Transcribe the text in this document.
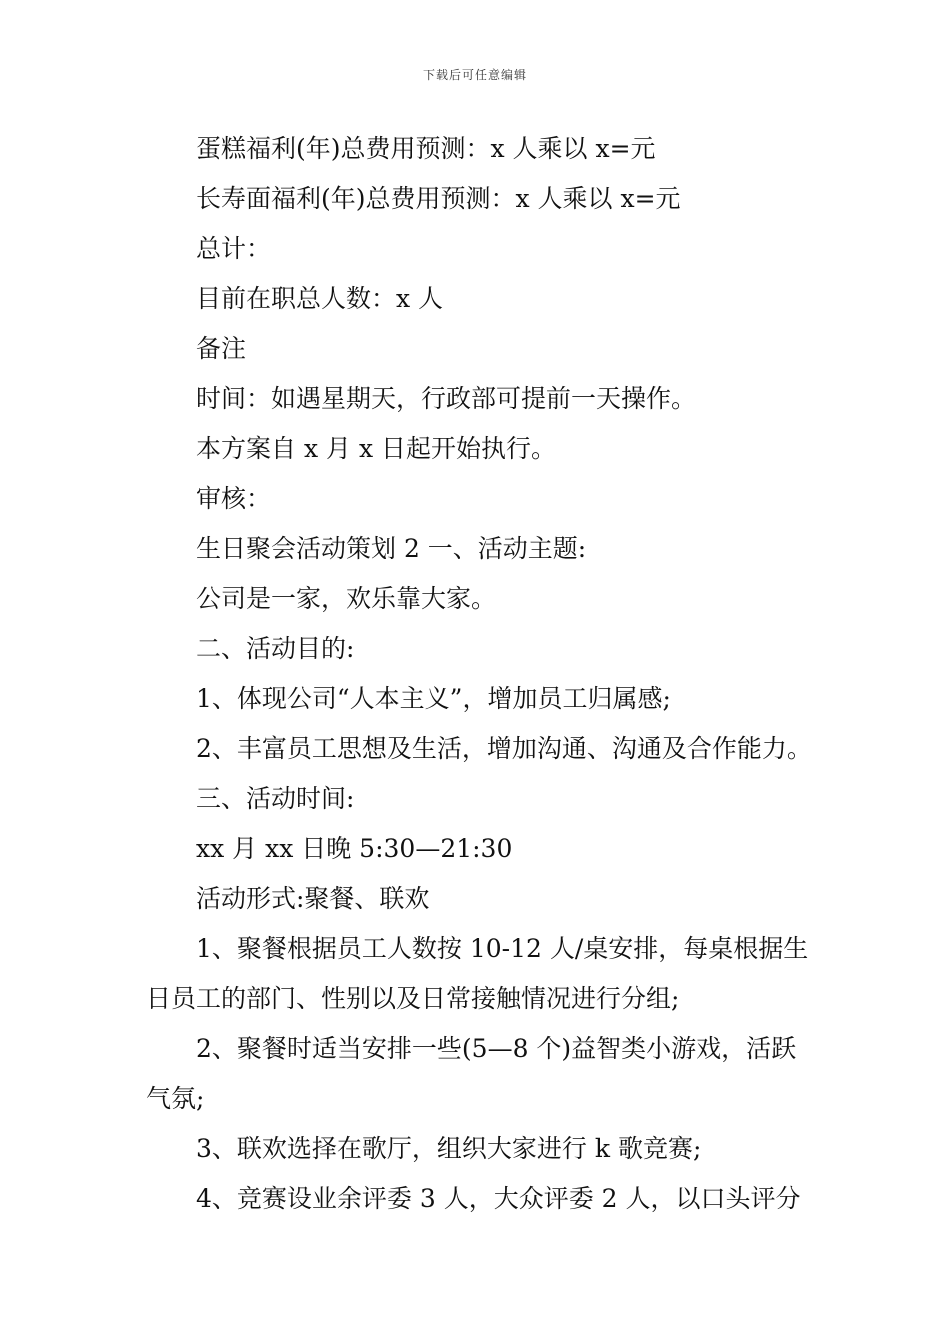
下载后可任意编辑
蛋糕福利(年)总费用预测：x 人乘以 x=元
长寿面福利(年)总费用预测：x 人乘以 x=元
总计：
目前在职总人数：x 人
备注
时间：如遇星期天，行政部可提前一天操作。
本方案自 x 月 x 日起开始执行。
审核：
生日聚会活动策划 2 一、活动主题:
公司是一家，欢乐靠大家。
二、活动目的:
1、体现公司“人本主义”，增加员工归属感;
2、丰富员工思想及生活，增加沟通、沟通及合作能力。
三、活动时间:
xx 月 xx 日晚 5:30—21:30
活动形式:聚餐、联欢
1、聚餐根据员工人数按 10-12 人/桌安排，每桌根据生
日员工的部门、性别以及日常接触情况进行分组;
2、聚餐时适当安排一些(5—8 个)益智类小游戏，活跃
气氛;
3、联欢选择在歌厅，组织大家进行 k 歌竞赛;
4、竞赛设业余评委 3 人，大众评委 2 人，以口头评分
